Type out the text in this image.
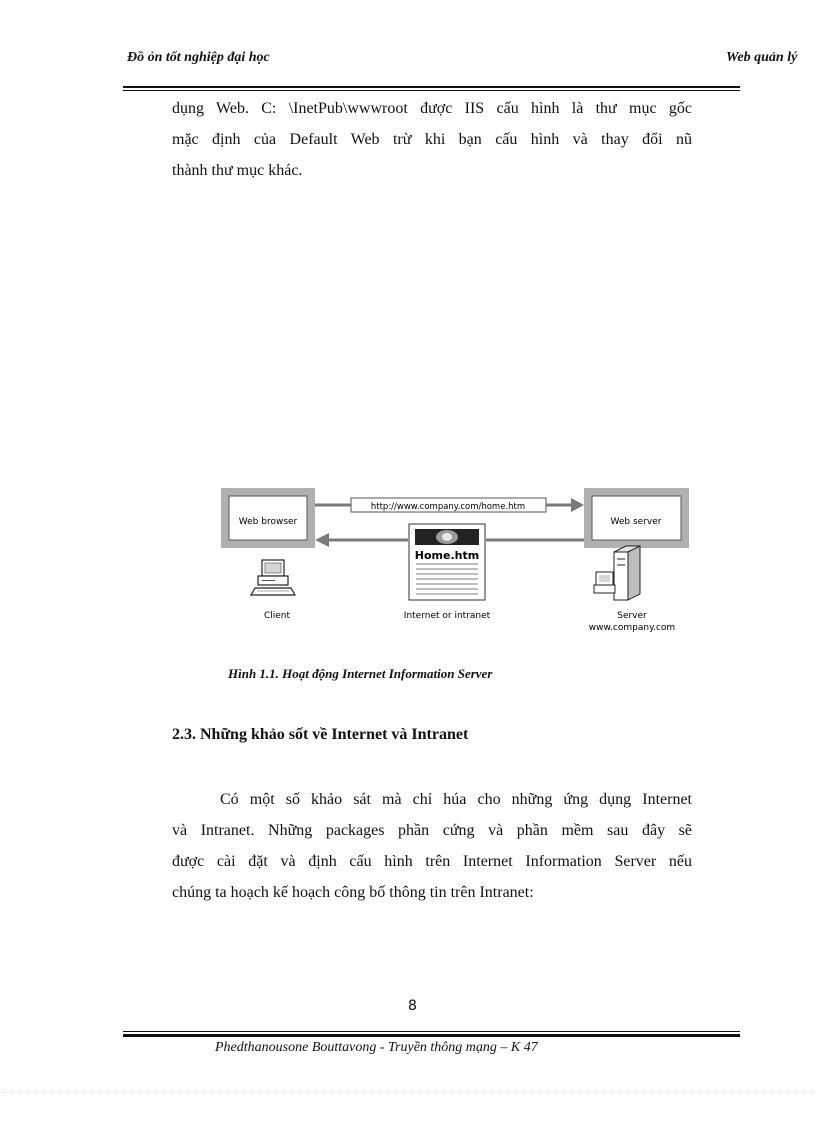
Đồ ỏn tốt nghiệp đại học	Web quản lý
dụng Web. C: \InetPub\wwwroot được IIS cấu hình là thư mục gốc
mặc định của Default Web trừ khi bạn cấu hình và thay đổi nũ
thành thư mục khác.
Web browser	Web server
http://www.company.com/home.htm
Home.htm
Client	Internet or intranet	Server
www.company.com
Hình 1.1. Hoạt động Internet Information Server
2.3. Những khảo sốt về Internet và Intranet
Có một số khảo sát mà chỉ húa cho những ứng dụng Internet
và Intranet. Những packages phần cứng và phần mềm sau đây sẽ
được cài đặt và định cấu hình trên Internet Information Server nếu
chúng ta hoạch kế hoạch công bố thông tin trên Intranet:
8
Phedthanousone Bouttavong - Truyền thông mạng – K 47
